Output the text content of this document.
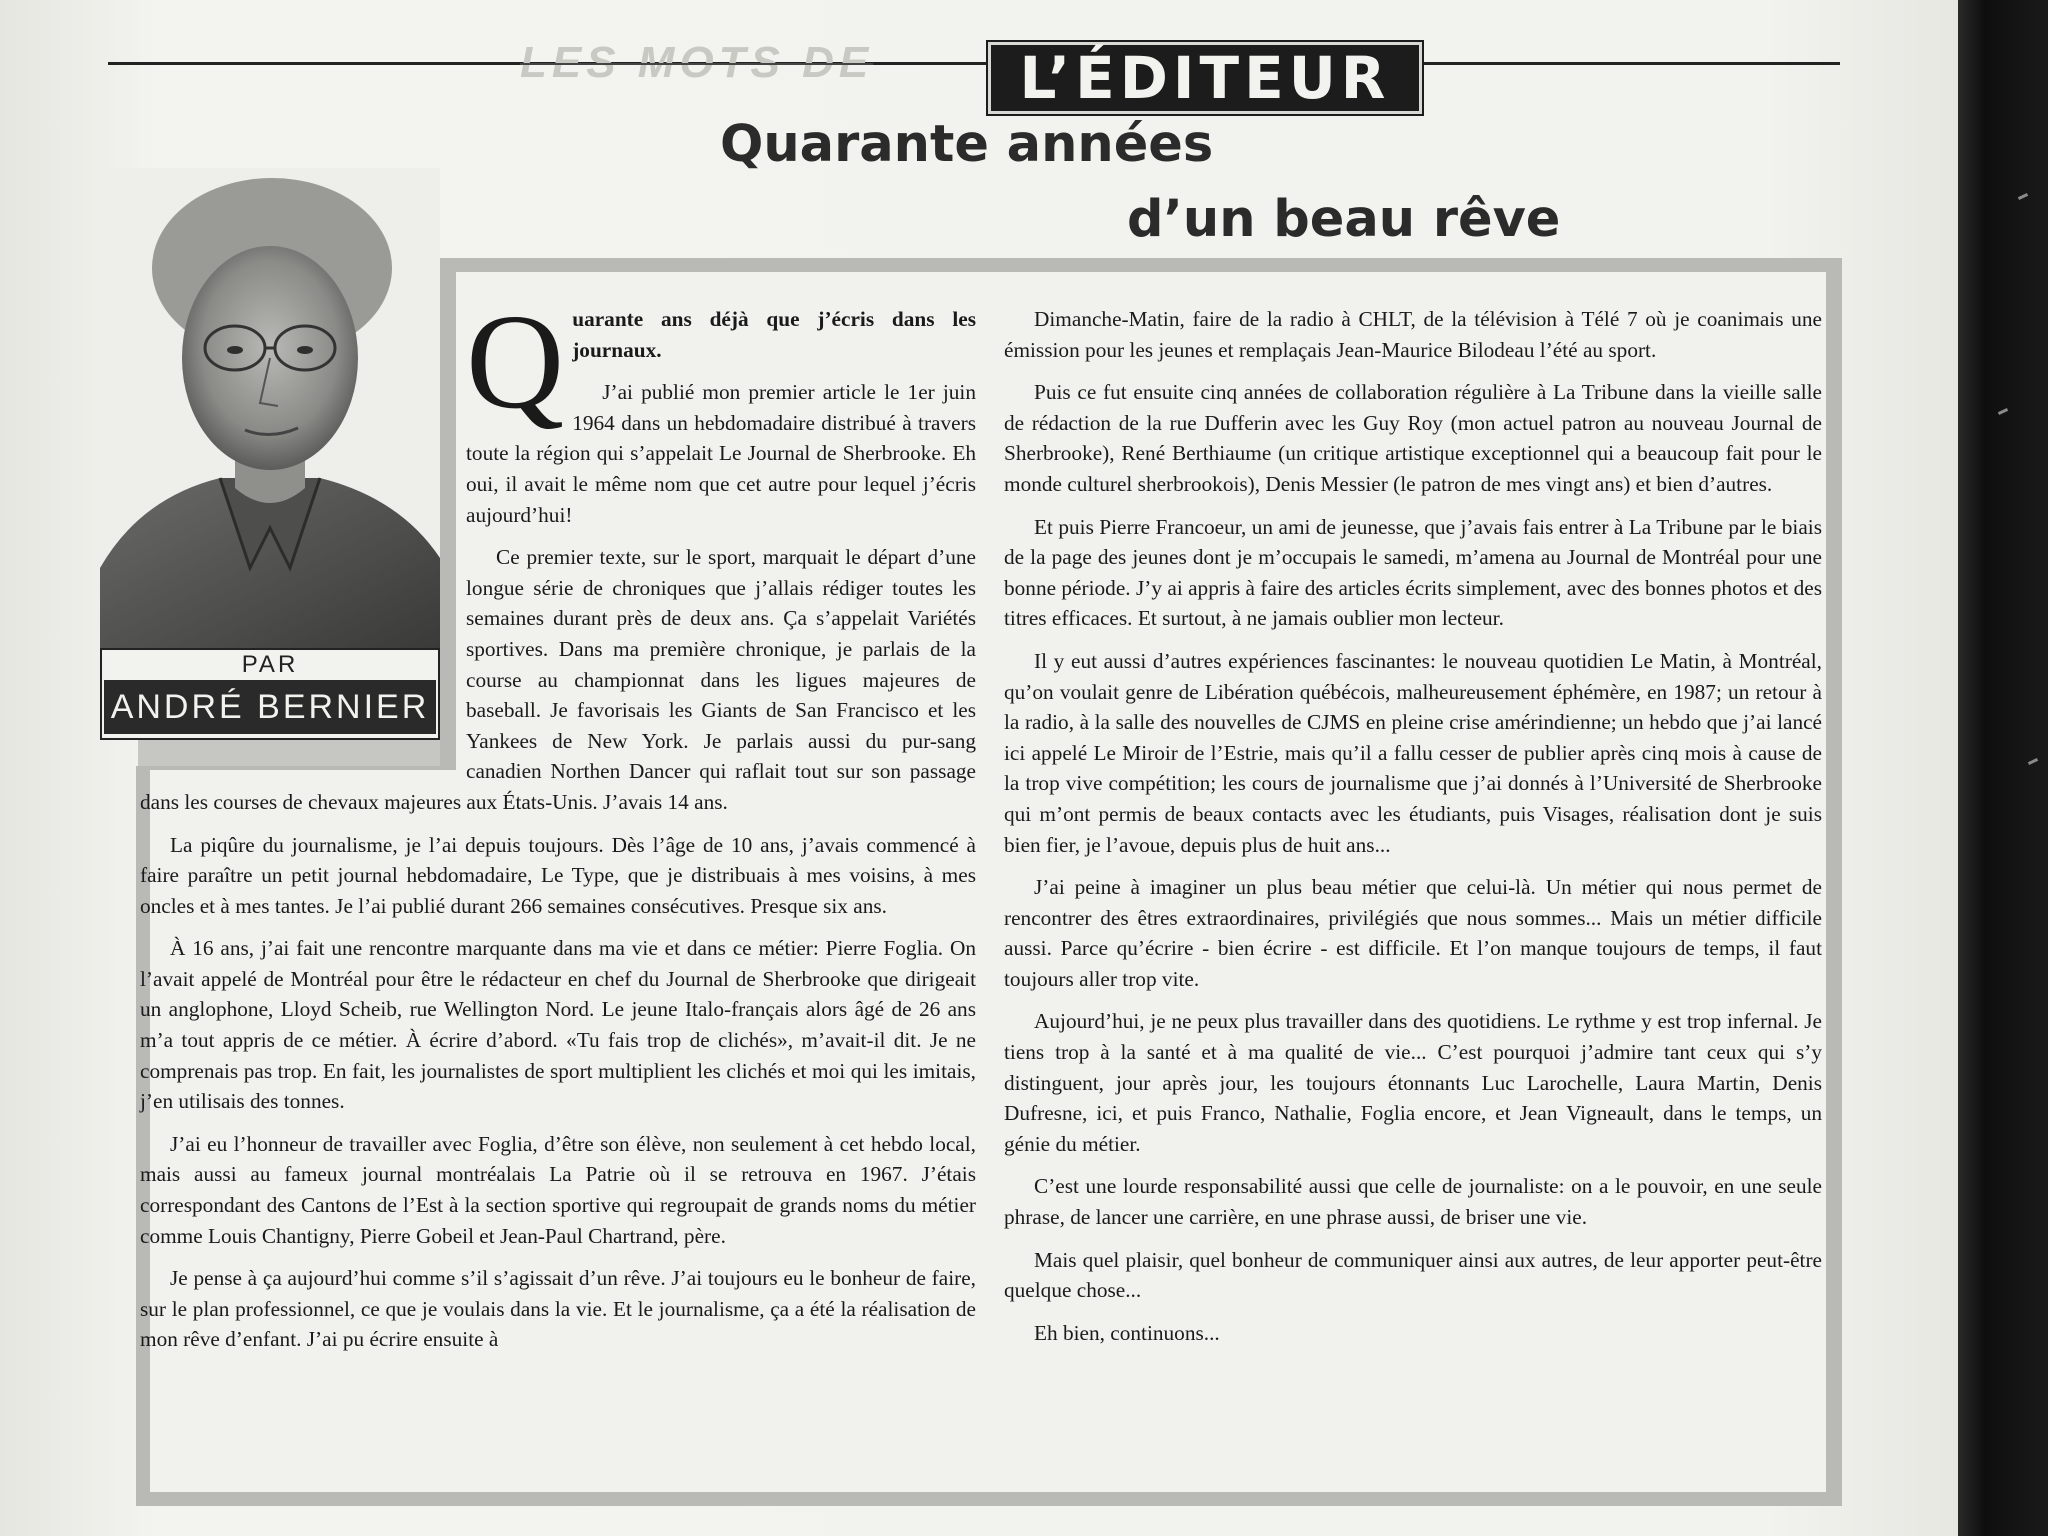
LES MOTS DE	L’ÉDITEUR
Quarante années
d’un beau rêve
PAR
ANDRÉ BERNIER
Q uarante ans déjà que j’écris dans les journaux.

J’ai publié mon premier article le 1er juin 1964 dans un hebdomadaire distribué à travers toute la région qui s’appelait Le Journal de Sherbrooke. Eh oui, il avait le même nom que cet autre pour lequel j’écris aujourd’hui!

Ce premier texte, sur le sport, marquait le départ d’une longue série de chroniques que j’allais rédiger toutes les semaines durant près de deux ans. Ça s’appelait Variétés sportives. Dans ma première chronique, je parlais de la course au championnat dans les ligues majeures de baseball. Je favorisais les Giants de San Francisco et les Yankees de New York. Je parlais aussi du pur-sang canadien Northen Dancer qui raflait tout sur son passage dans les courses de chevaux majeures aux États-Unis. J’avais 14 ans.

La piqûre du journalisme, je l’ai depuis toujours. Dès l’âge de 10 ans, j’avais commencé à faire paraître un petit journal hebdomadaire, Le Type, que je distribuais à mes voisins, à mes oncles et à mes tantes. Je l’ai publié durant 266 semaines consécutives. Presque six ans.

À 16 ans, j’ai fait une rencontre marquante dans ma vie et dans ce métier: Pierre Foglia. On l’avait appelé de Montréal pour être le rédacteur en chef du Journal de Sherbrooke que dirigeait un anglophone, Lloyd Scheib, rue Wellington Nord. Le jeune Italo-français alors âgé de 26 ans m’a tout appris de ce métier. À écrire d’abord. «Tu fais trop de clichés», m’avait-il dit. Je ne comprenais pas trop. En fait, les journalistes de sport multiplient les clichés et moi qui les imitais, j’en utilisais des tonnes.

J’ai eu l’honneur de travailler avec Foglia, d’être son élève, non seulement à cet hebdo local, mais aussi au fameux journal montréalais La Patrie où il se retrouva en 1967. J’étais correspondant des Cantons de l’Est à la section sportive qui regroupait de grands noms du métier comme Louis Chantigny, Pierre Gobeil et Jean-Paul Chartrand, père.

Je pense à ça aujourd’hui comme s’il s’agissait d’un rêve. J’ai toujours eu le bonheur de faire, sur le plan professionnel, ce que je voulais dans la vie. Et le journalisme, ça a été la réalisation de mon rêve d’enfant. J’ai pu écrire ensuite à

Dimanche-Matin, faire de la radio à CHLT, de la télévision à Télé 7 où je coanimais une émission pour les jeunes et remplaçais Jean-Maurice Bilodeau l’été au sport.

Puis ce fut ensuite cinq années de collaboration régulière à La Tribune dans la vieille salle de rédaction de la rue Dufferin avec les Guy Roy (mon actuel patron au nouveau Journal de Sherbrooke), René Berthiaume (un critique artistique exceptionnel qui a beaucoup fait pour le monde culturel sherbrookois), Denis Messier (le patron de mes vingt ans) et bien d’autres.

Et puis Pierre Francoeur, un ami de jeunesse, que j’avais fais entrer à La Tribune par le biais de la page des jeunes dont je m’occupais le samedi, m’amena au Journal de Montréal pour une bonne période. J’y ai appris à faire des articles écrits simplement, avec des bonnes photos et des titres efficaces. Et surtout, à ne jamais oublier mon lecteur.

Il y eut aussi d’autres expériences fascinantes: le nouveau quotidien Le Matin, à Montréal, qu’on voulait genre de Libération québécois, malheureusement éphémère, en 1987; un retour à la radio, à la salle des nouvelles de CJMS en pleine crise amérindienne; un hebdo que j’ai lancé ici appelé Le Miroir de l’Estrie, mais qu’il a fallu cesser de publier après cinq mois à cause de la trop vive compétition; les cours de journalisme que j’ai donnés à l’Université de Sherbrooke qui m’ont permis de beaux contacts avec les étudiants, puis Visages, réalisation dont je suis bien fier, je l’avoue, depuis plus de huit ans...

J’ai peine à imaginer un plus beau métier que celui-là. Un métier qui nous permet de rencontrer des êtres extraordinaires, privilégiés que nous sommes... Mais un métier difficile aussi. Parce qu’écrire - bien écrire - est difficile. Et l’on manque toujours de temps, il faut toujours aller trop vite.

Aujourd’hui, je ne peux plus travailler dans des quotidiens. Le rythme y est trop infernal. Je tiens trop à la santé et à ma qualité de vie... C’est pourquoi j’admire tant ceux qui s’y distinguent, jour après jour, les toujours étonnants Luc Larochelle, Laura Martin, Denis Dufresne, ici, et puis Franco, Nathalie, Foglia encore, et Jean Vigneault, dans le temps, un génie du métier.

C’est une lourde responsabilité aussi que celle de journaliste: on a le pouvoir, en une seule phrase, de lancer une carrière, en une phrase aussi, de briser une vie.

Mais quel plaisir, quel bonheur de communiquer ainsi aux autres, de leur apporter peut-être quelque chose...

Eh bien, continuons...
